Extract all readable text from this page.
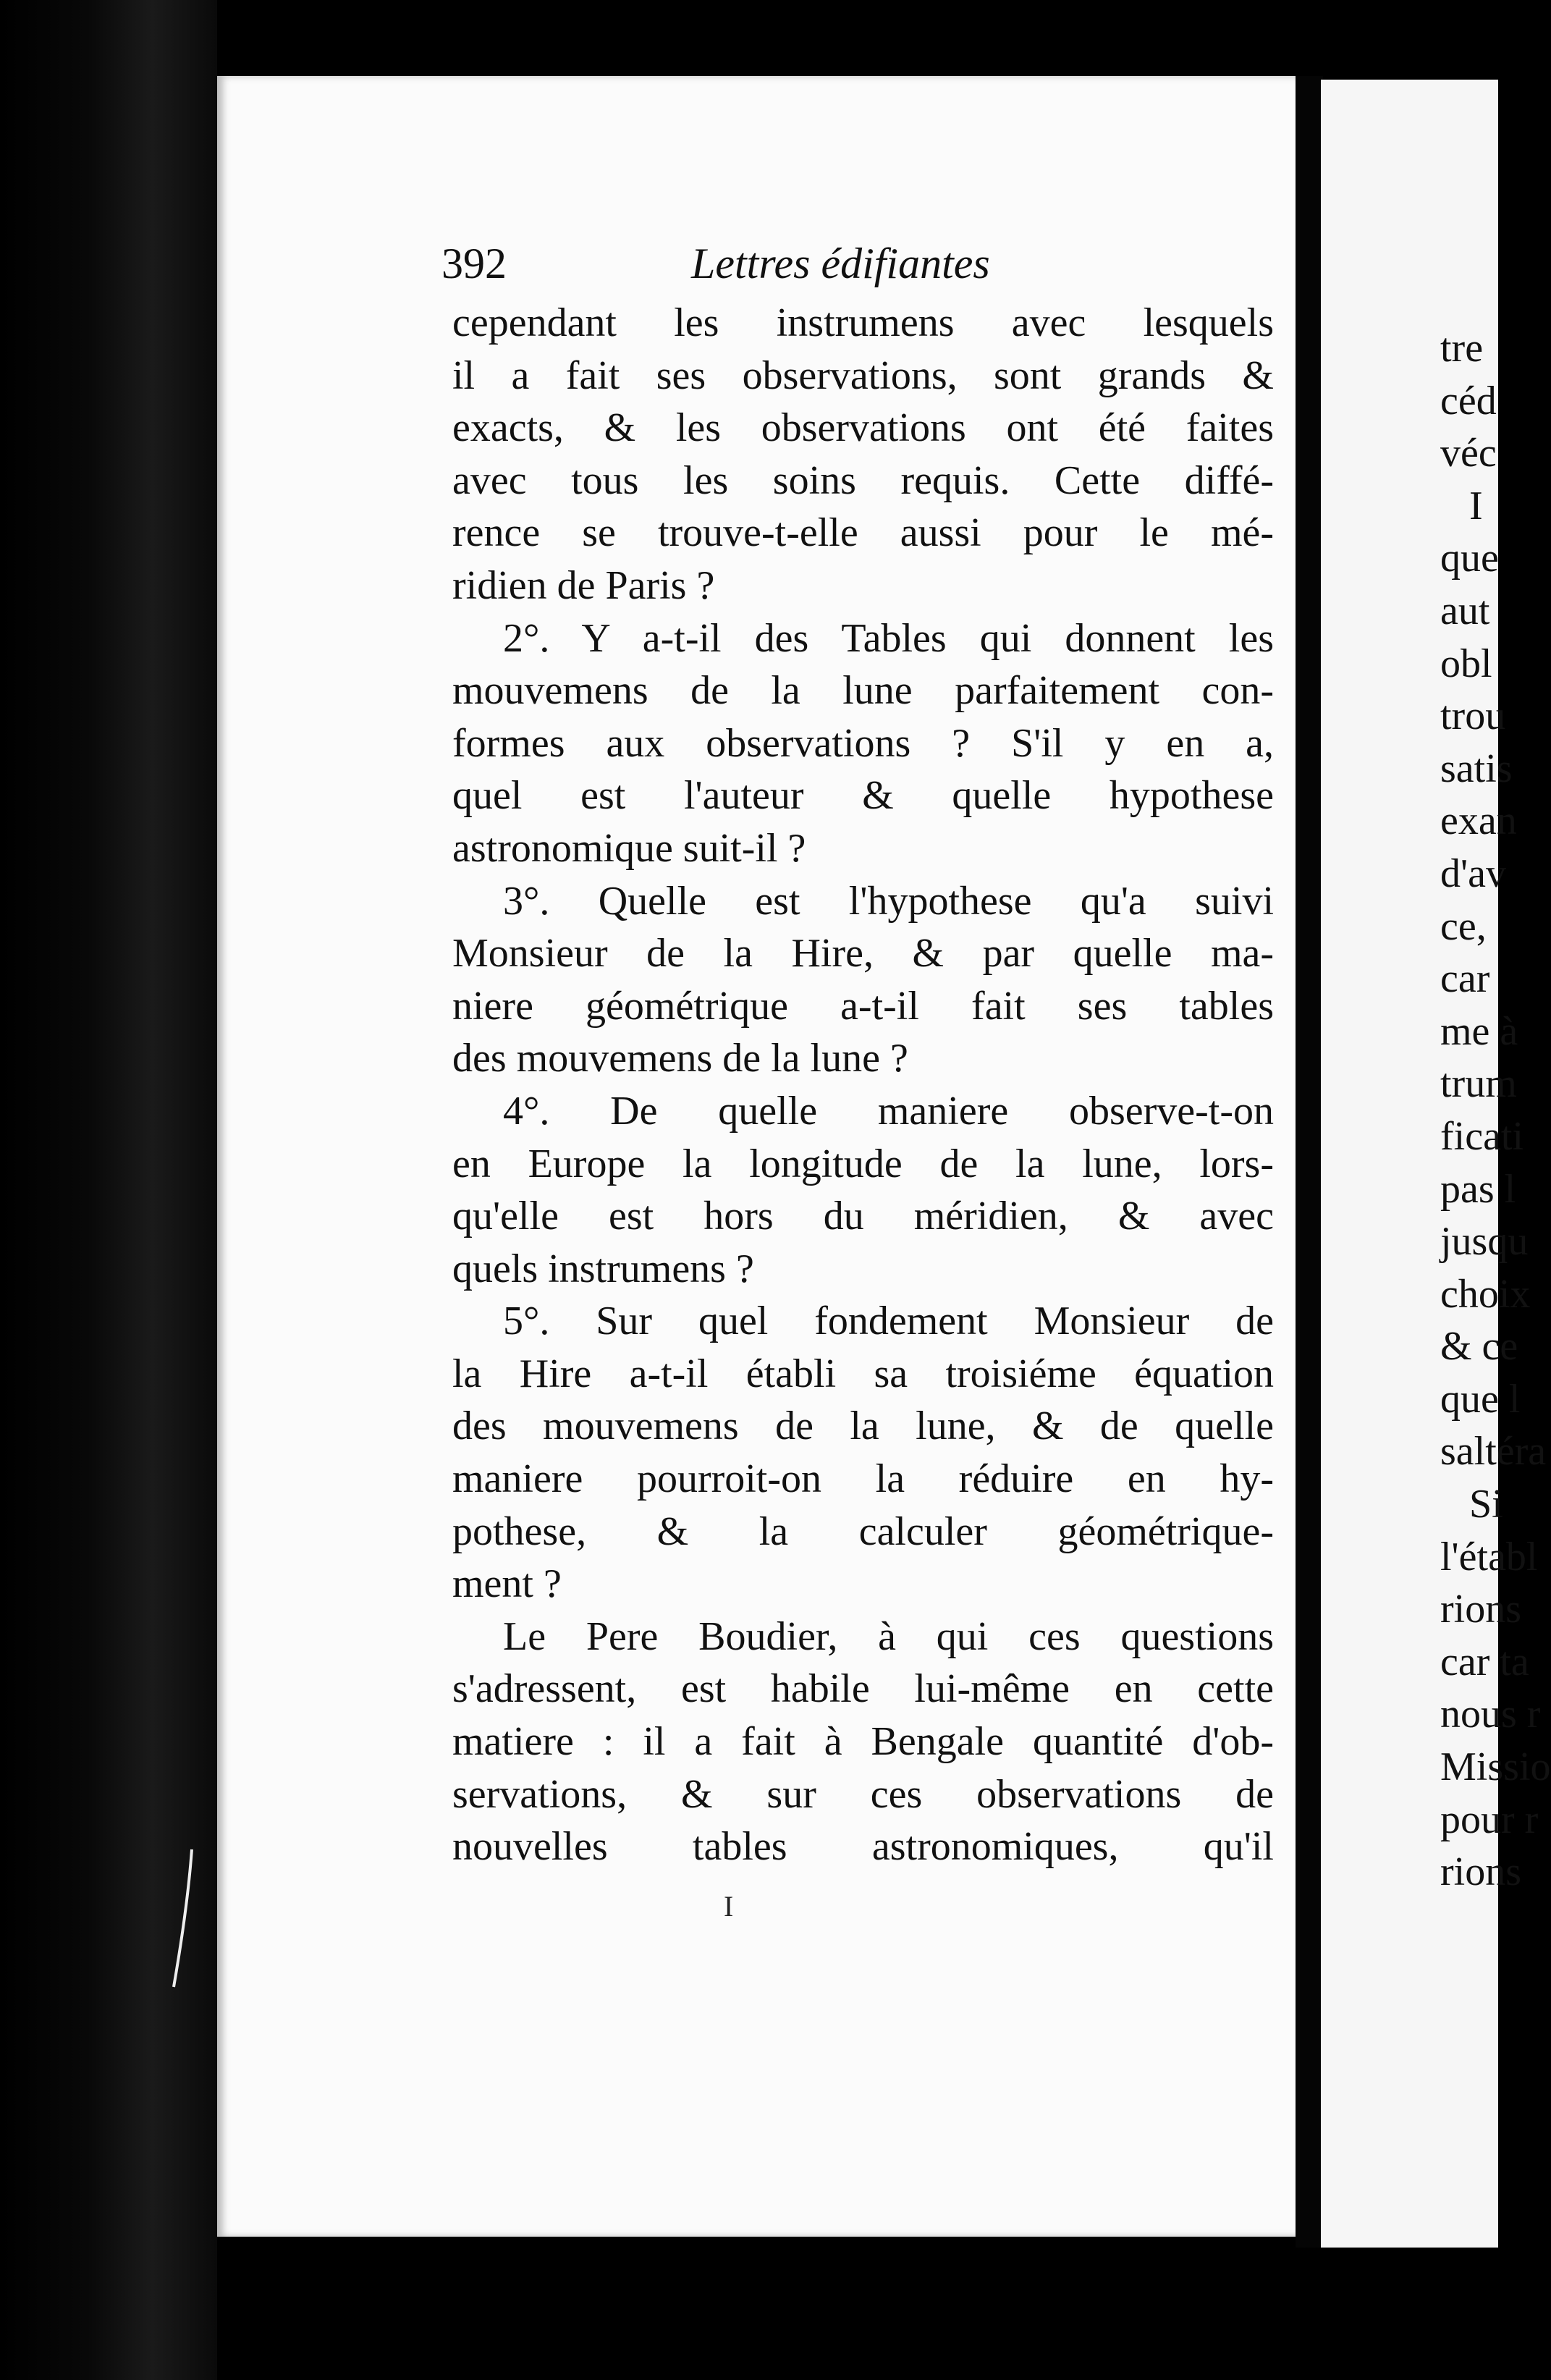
392	Lettres édifiantes
cependant les instrumens avec lesquels
il a fait ses observations, sont grands &
exacts, & les observations ont été faites
avec tous les soins requis. Cette diffé-
rence se trouve-t-elle aussi pour le mé-
ridien de Paris ?
2°. Y a-t-il des Tables qui donnent les
mouvemens de la lune parfaitement con-
formes aux observations ? S'il y en a,
quel est l'auteur & quelle hypothese
astronomique suit-il ?
3°. Quelle est l'hypothese qu'a suivi
Monsieur de la Hire, & par quelle ma-
niere géométrique a-t-il fait ses tables
des mouvemens de la lune ?
4°. De quelle maniere observe-t-on
en Europe la longitude de la lune, lors-
qu'elle est hors du méridien, & avec
quels instrumens ?
5°. Sur quel fondement Monsieur de
la Hire a-t-il établi sa troisiéme équation
des mouvemens de la lune, & de quelle
maniere pourroit-on la réduire en hy-
pothese, & la calculer géométrique-
ment ?
Le Pere Boudier, à qui ces questions
s'adressent, est habile lui-même en cette
matiere : il a fait à Bengale quantité d'ob-
servations, & sur ces observations de
nouvelles tables astronomiques, qu'il
I
tre
céd
véc
I
que
aut
obl
trou
satis
exan
d'av
ce,
car
me à
trum
ficati
pas l
jusqu
choix
& ce
que l
saltéra
Si
l'établ
rions
car ta
nous r
Missio
pour r
rions
